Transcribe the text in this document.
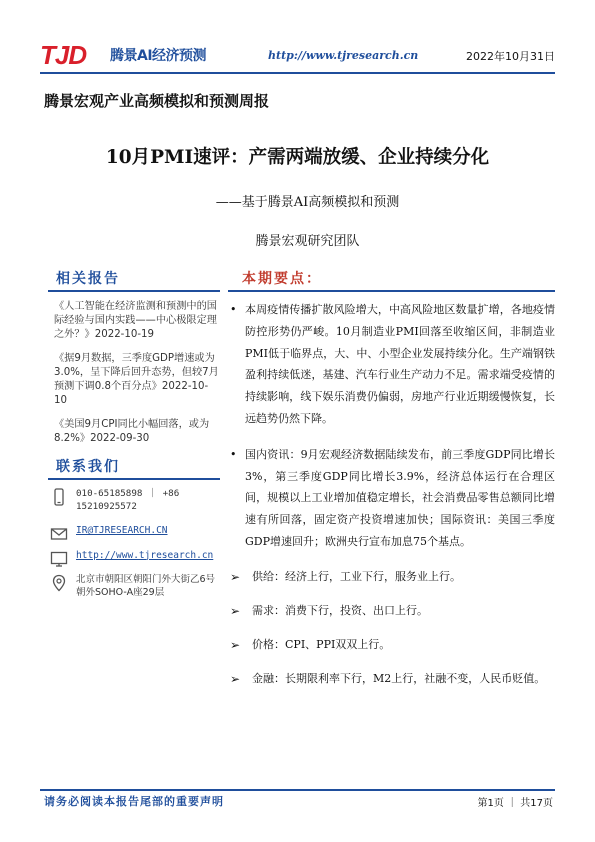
TJD 腾景AI经济预测	http://www.tjresearch.cn	2022年10月31日
腾景宏观产业高频模拟和预测周报
10月PMI速评：产需两端放缓、企业持续分化
——基于腾景AI高频模拟和预测
腾景宏观研究团队
相关报告
《人工智能在经济监测和预测中的国际经验与国内实践——中心极限定理之外？》2022-10-19
《据9月数据，三季度GDP增速或为3.0%，呈下降后回升态势，但较7月预测下调0.8个百分点》2022-10-10
《美国9月CPI同比小幅回落，或为8.2%》2022-09-30
联系我们
010-65185898 ｜ +86 15210925572
IR@TJRESEARCH.CN
http://www.tjresearch.cn
北京市朝阳区朝阳门外大街乙6号朝外SOHO-A座29层
本期要点：
• 本周疫情传播扩散风险增大，中高风险地区数量扩增，各地疫情防控形势仍严峻。10月制造业PMI回落至收缩区间，非制造业PMI低于临界点，大、中、小型企业发展持续分化。生产端钢铁盈利持续低迷，基建、汽车行业生产动力不足。需求端受疫情的持续影响，线下娱乐消费仍偏弱，房地产行业近期缓慢恢复，长远趋势仍然下降。
• 国内资讯：9月宏观经济数据陆续发布，前三季度GDP同比增长3%，第三季度GDP同比增长3.9%，经济总体运行在合理区间，规模以上工业增加值稳定增长，社会消费品零售总额同比增速有所回落，固定资产投资增速加快；国际资讯：美国三季度GDP增速回升；欧洲央行宣布加息75个基点。
➢ 供给：经济上行，工业下行，服务业上行。
➢ 需求：消费下行，投资、出口上行。
➢ 价格：CPI、PPI双双上行。
➢ 金融：长期限利率下行，M2上行，社融不变，人民币贬值。
请务必阅读本报告尾部的重要声明	第1页 ｜ 共17页
